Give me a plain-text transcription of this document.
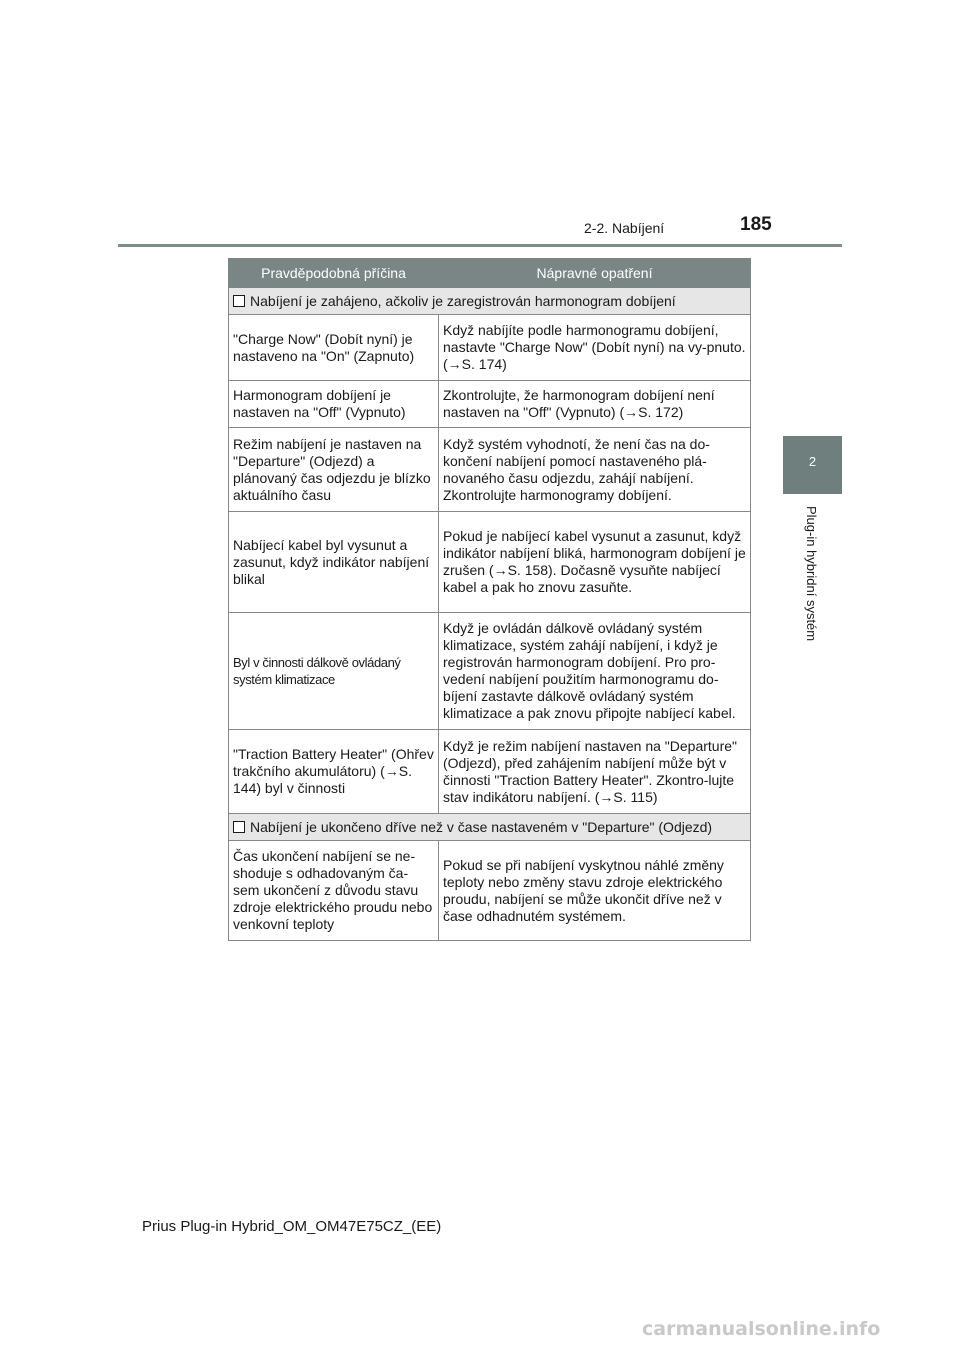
2-2. Nabíjení	185
2
Plug-in hybridní systém
Pravděpodobná příčina	Nápravné opatření
Nabíjení je zahájeno, ačkoliv je zaregistrován harmonogram dobíjení	
"Charge Now" (Dobít nyní) je nastaveno na "On" (Zapnuto)	Když nabíjíte podle harmonogramu dobíjení, nastavte "Charge Now" (Dobít nyní) na vy-pnuto. (→S. 174)
Harmonogram dobíjení je nastaven na "Off" (Vypnuto)	Zkontrolujte, že harmonogram dobíjení není nastaven na "Off" (Vypnuto) (→S. 172)
Režim nabíjení je nastaven na "Departure" (Odjezd) a plánovaný čas odjezdu je blízko aktuálního času	Když systém vyhodnotí, že není čas na do-končení nabíjení pomocí nastaveného plá-novaného času odjezdu, zahájí nabíjení. Zkontrolujte harmonogramy dobíjení.
Nabíjecí kabel byl vysunut a zasunut, když indikátor nabíjení blikal	Pokud je nabíjecí kabel vysunut a zasunut, když indikátor nabíjení bliká, harmonogram dobíjení je zrušen (→S. 158). Dočasně vysuňte nabíjecí kabel a pak ho znovu zasuňte.
Byl v činnosti dálkově ovládaný systém klimatizace	Když je ovládán dálkově ovládaný systém klimatizace, systém zahájí nabíjení, i když je registrován harmonogram dobíjení. Pro pro-vedení nabíjení použitím harmonogramu do-bíjení zastavte dálkově ovládaný systém klimatizace a pak znovu připojte nabíjecí kabel.
"Traction Battery Heater" (Ohřev trakčního akumulátoru) (→S. 144) byl v činnosti	Když je režim nabíjení nastaven na "Departure" (Odjezd), před zahájením nabíjení může být v činnosti "Traction Battery Heater". Zkontro-lujte stav indikátoru nabíjení. (→S. 115)
Nabíjení je ukončeno dříve než v čase nastaveném v "Departure" (Odjezd)	
Čas ukončení nabíjení se ne-shoduje s odhadovaným ča-sem ukončení z důvodu stavu zdroje elektrického proudu nebo venkovní teploty	Pokud se při nabíjení vyskytnou náhlé změny teploty nebo změny stavu zdroje elektrického proudu, nabíjení se může ukončit dříve než v čase odhadnutém systémem.
Prius Plug-in Hybrid_OM_OM47E75CZ_(EE)
carmanualsonline.info
